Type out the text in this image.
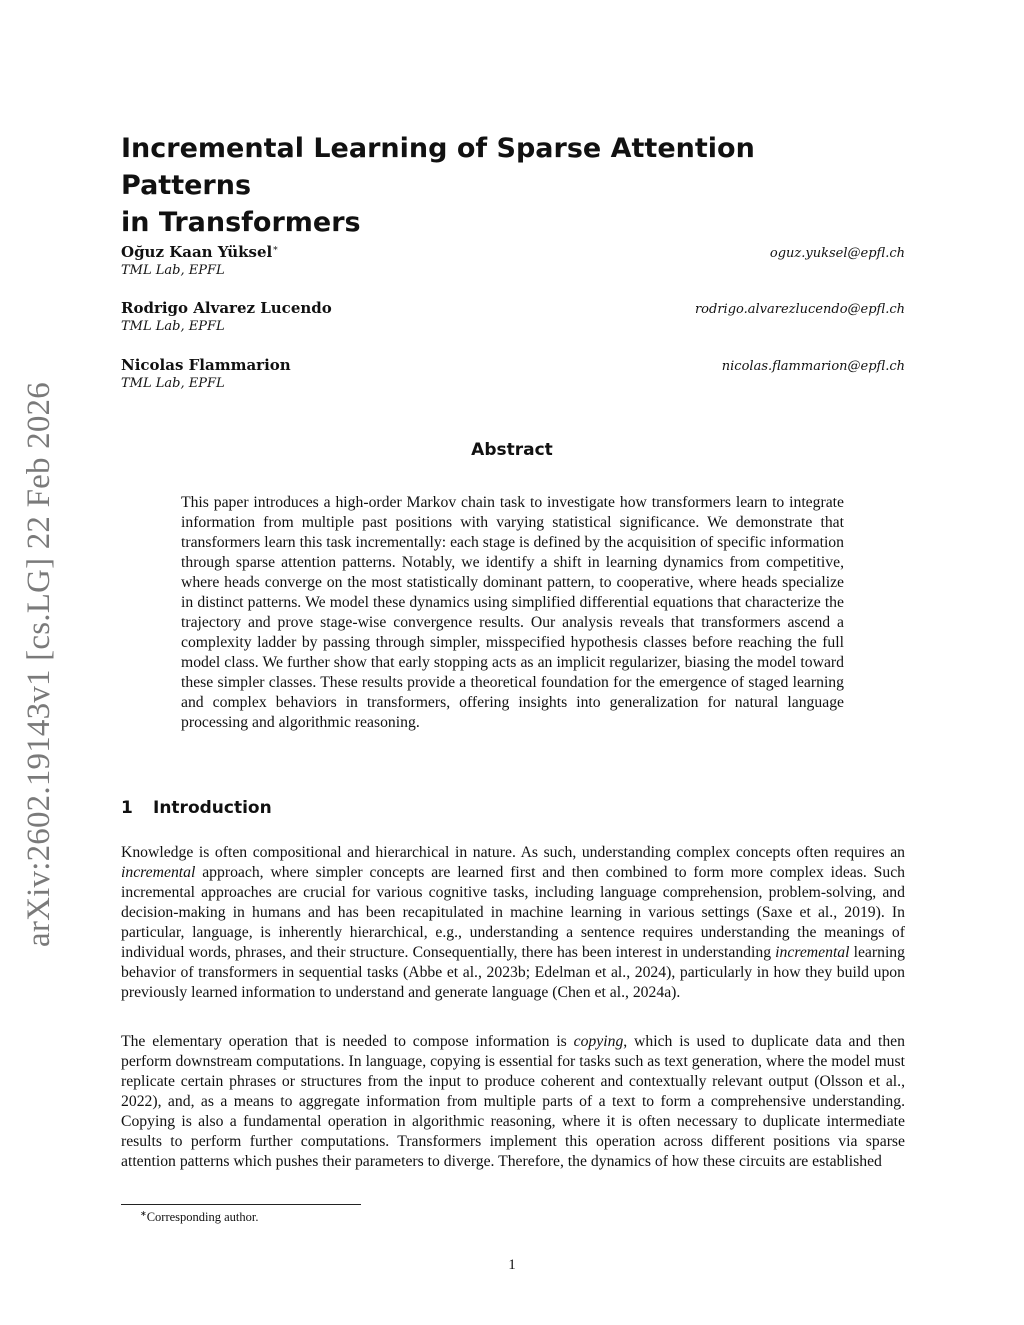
arXiv:2602.19143v1 [cs.LG] 22 Feb 2026
Incremental Learning of Sparse Attention Patterns
in Transformers
Oğuz Kaan Yüksel∗	oguz.yuksel@epfl.ch
TML Lab, EPFL
Rodrigo Alvarez Lucendo	rodrigo.alvarezlucendo@epfl.ch
TML Lab, EPFL
Nicolas Flammarion	nicolas.flammarion@epfl.ch
TML Lab, EPFL
Abstract

This paper introduces a high-order Markov chain task to investigate how transformers learn to integrate information from multiple past positions with varying statistical significance. We demonstrate that transformers learn this task incrementally: each stage is defined by the acquisition of specific information through sparse attention patterns. Notably, we identify a shift in learning dynamics from competitive, where heads converge on the most statistically dominant pattern, to cooperative, where heads specialize in distinct patterns. We model these dynamics using simplified differential equations that characterize the trajectory and prove stage-wise convergence results. Our analysis reveals that transformers ascend a complexity ladder by passing through simpler, misspecified hypothesis classes before reaching the full model class. We further show that early stopping acts as an implicit regularizer, biasing the model toward these simpler classes. These results provide a theoretical foundation for the emergence of staged learning and complex behaviors in transformers, offering insights into generalization for natural language processing and algorithmic reasoning.

1 Introduction

Knowledge is often compositional and hierarchical in nature. As such, understanding complex concepts often requires an incremental approach, where simpler concepts are learned first and then combined to form more complex ideas. Such incremental approaches are crucial for various cognitive tasks, including language comprehension, problem-solving, and decision-making in humans and has been recapitulated in machine learning in various settings (Saxe et al., 2019). In particular, language, is inherently hierarchical, e.g., understanding a sentence requires understanding the meanings of individual words, phrases, and their structure. Consequentially, there has been interest in understanding incremental learning behavior of transformers in sequential tasks (Abbe et al., 2023b; Edelman et al., 2024), particularly in how they build upon previously learned information to understand and generate language (Chen et al., 2024a).

The elementary operation that is needed to compose information is copying, which is used to duplicate data and then perform downstream computations. In language, copying is essential for tasks such as text generation, where the model must replicate certain phrases or structures from the input to produce coherent and contextually relevant output (Olsson et al., 2022), and, as a means to aggregate information from multiple parts of a text to form a comprehensive understanding. Copying is also a fundamental operation in algorithmic reasoning, where it is often necessary to duplicate intermediate results to perform further computations. Transformers implement this operation across different positions via sparse attention patterns which pushes their parameters to diverge. Therefore, the dynamics of how these circuits are established

∗Corresponding author.
1
